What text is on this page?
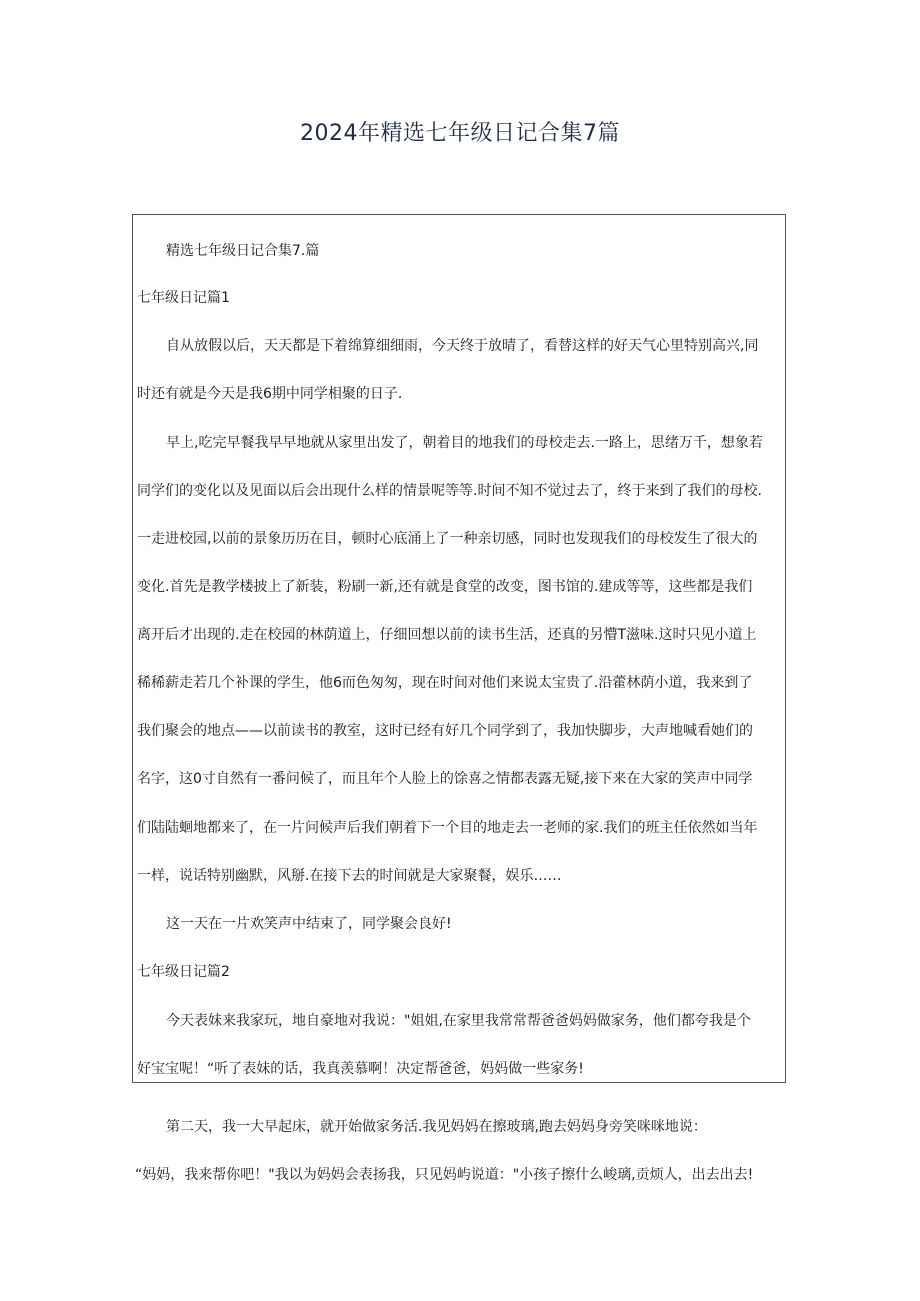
2024年精选七年级日记合集7篇

精选七年级日记合集7.篇

七年级日记篇1

自从放假以后，天天都是下着绵算细细雨，今天终于放晴了，看替这样的好天气心里特别高兴,同

时还有就是今天是我6期中同学相聚的日子.

早上,吃完早餐我早早地就从家里出发了，朝着目的地我们的母校走去.一路上，思绪万千，想象若

同学们的变化以及见面以后会出现什么样的情景呢等等.时间不知不觉过去了，终于来到了我们的母校.

一走进校园,以前的景象历历在目，顿时心底涌上了一种亲切感，同时也发现我们的母校发生了很大的

变化.首先是教学楼披上了新装，粉刷一新,还有就是食堂的改变，图书馆的.建成等等，这些都是我们

离开后才出现的.走在校园的林荫道上，仔细回想以前的读书生活，还真的另懵T滋味.这时只见小道上

稀稀薪走若几个补课的学生，他6而色匆匆，现在时间对他们来说太宝贵了.沿藿林荫小道，我来到了

我们聚会的地点——以前读书的教室，这时已经有好几个同学到了，我加快脚步，大声地喊看她们的

名字，这0寸自然有一番问候了，而且年个人脸上的馀喜之情都表露无疑,接下来在大家的笑声中同学

们陆陆蛔地都来了，在一片问候声后我们朝着下一个目的地走去一老师的家.我们的班主任依然如当年

一样，说话特别幽默，风掰.在接下去的时间就是大家聚餐，娱乐……

这一天在一片欢笑声中结束了，同学聚会良好!

七年级日记篇2

今天表妹来我家玩，地自豪地对我说："姐姐,在家里我常常帮爸爸妈妈做家务，他们都夸我是个

好宝宝呢！“听了表妹的话，我真羡慕啊！决定帮爸爸，妈妈做一些家务!

第二天，我一大早起床，就开始做家务活.我见妈妈在擦玻璃,跑去妈妈身旁笑咪咪地说：

“妈妈，我来帮你吧！"我以为妈妈会表扬我，只见妈屿说道："小孩子擦什么峻璃,贡烦人，出去出去!
